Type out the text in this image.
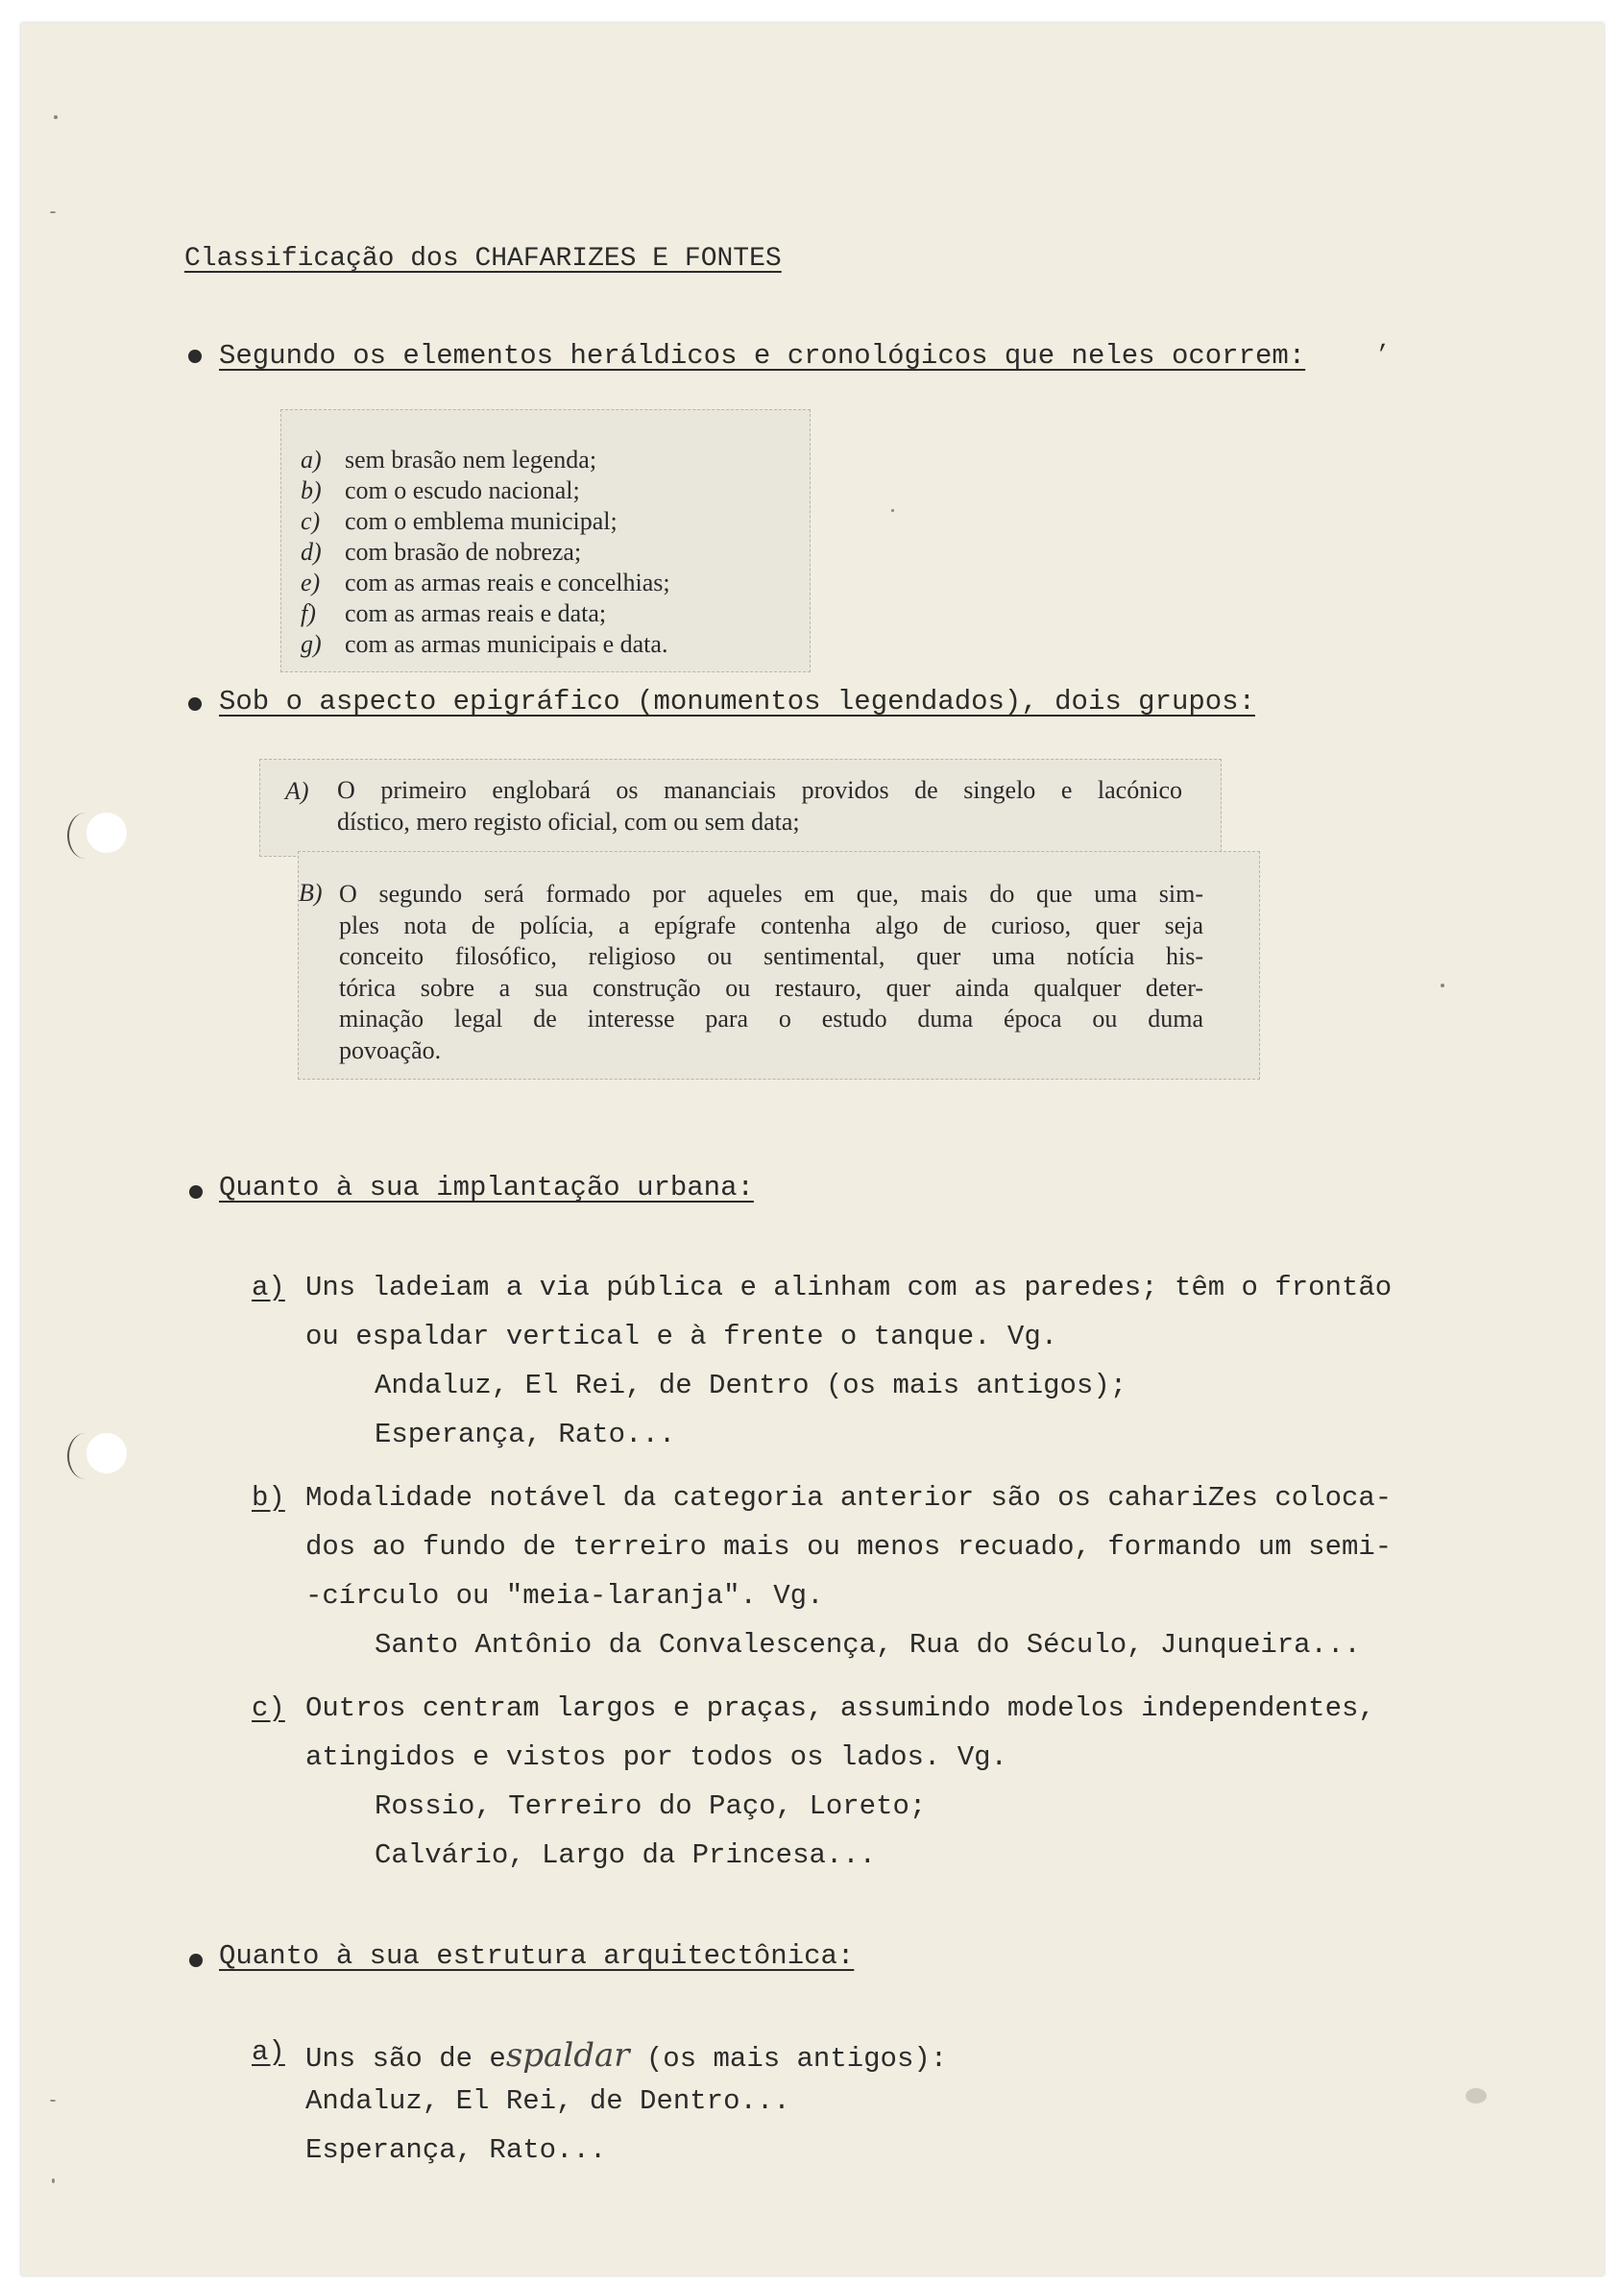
Classificação dos CHAFARIZES E FONTES
Segundo os elementos heráldicos e cronológicos que neles ocorrem:	,
a) sem brasão nem legenda;
b) com o escudo nacional;
c) com o emblema municipal;
d) com brasão de nobreza;
e) com as armas reais e concelhias;
f) com as armas reais e data;
g) com as armas municipais e data.
Sob o aspecto epigráfico (monumentos legendados), dois grupos:
A) O primeiro englobará os mananciais providos de singelo e lacónico
dístico, mero registo oficial, com ou sem data;
B) O segundo será formado por aqueles em que, mais do que uma sim-
ples nota de polícia, a epígrafe contenha algo de curioso, quer seja
conceito filosófico, religioso ou sentimental, quer uma notícia his-
tórica sobre a sua construção ou restauro, quer ainda qualquer deter-
minação legal de interesse para o estudo duma época ou duma
povoação.
Quanto à sua implantação urbana:
a) Uns ladeiam a via pública e alinham com as paredes; têm o frontão
ou espaldar vertical e à frente o tanque. Vg.
Andaluz, El Rei, de Dentro (os mais antigos);
Esperança, Rato...
b) Modalidade notável da categoria anterior são os cahariZes coloca-
dos ao fundo de terreiro mais ou menos recuado, formando um semi-
-círculo ou "meia-laranja". Vg.
Santo Antônio da Convalescença, Rua do Século, Junqueira...
c) Outros centram largos e praças, assumindo modelos independentes,
atingidos e vistos por todos os lados. Vg.
Rossio, Terreiro do Paço, Loreto;
Calvário, Largo da Princesa...
Quanto à sua estrutura arquitectônica:
a) Uns são de espaldar (os mais antigos):
Andaluz, El Rei, de Dentro...
Esperança, Rato...
